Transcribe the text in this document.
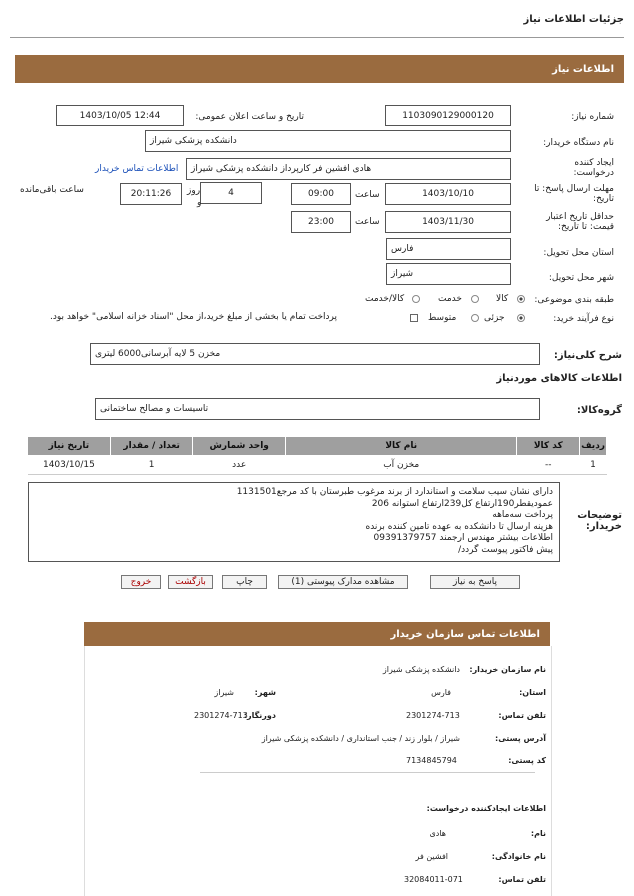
جزئیات اطلاعات نیاز
اطلاعات نیاز
شماره نیاز:
1103090129000120
تاریخ و ساعت اعلان عمومی:
1403/10/05 12:44
نام دستگاه خریدار:
دانشکده پزشکی شیراز
ایجاد کننده درخواست:
هادی افشین فر کارپرداز دانشکده پزشکی شیراز
اطلاعات تماس خریدار
مهلت ارسال پاسخ: تا تاریخ:
1403/10/10
ساعت
09:00
4
روز
و
20:11:26
ساعت باقی‌مانده
حداقل تاریخ اعتبار قیمت: تا تاریخ:
1403/11/30
ساعت
23:00
استان محل تحویل:
فارس
شهر محل تحویل:
شیراز
طبقه بندی موضوعی:
کالا
خدمت
کالا/خدمت
نوع فرآیند خرید:
جزئی
متوسط
پرداخت تمام یا بخشی از مبلغ خرید،از محل "اسناد خزانه اسلامی" خواهد بود.
شرح کلی‌نیاز:
مخزن 5 لایه آبرسانی6000 لیتری
اطلاعات کالاهای موردنیاز
گروه‌کالا:
تاسیسات و مصالح ساختمانی
ردیف	کد کالا	نام کالا	واحد شمارش	تعداد / مقدار	تاریخ نیاز
1	--	مخزن آب	عدد	1	1403/10/15
توضیحات خریدار:
دارای نشان سیب سلامت و استاندارد از برند مرغوب طبرستان با کد مرجع1131501
عمودیقطر190ارتفاع ‌کل239ارتفاع استوانه 206
پرداخت سه‌ماهه
هزینه ارسال تا دانشکده به عهده تامین کننده برنده
اطلاعات بیشتر مهندس ارجمند 09391379757
پیش فاکتور پیوست گردد/
پاسخ به نیاز
مشاهده مدارک پیوستی (1)
چاپ
بازگشت
خروج
اطلاعات تماس سازمان خریدار
نام سازمان خریدار:
دانشکده پزشکی شیراز
استان:
فارس
شهر:
شیراز
تلفن تماس:
2301274-713
دورنگار:
2301274-713
آدرس پستی:
شیراز / بلوار زند / جنب استانداری / دانشکده پزشکی شیراز
کد پستی:
7134845794
اطلاعات ایجادکننده درخواست:
نام:
هادی
نام خانوادگی:
افشین فر
تلفن تماس:
32084011-071
